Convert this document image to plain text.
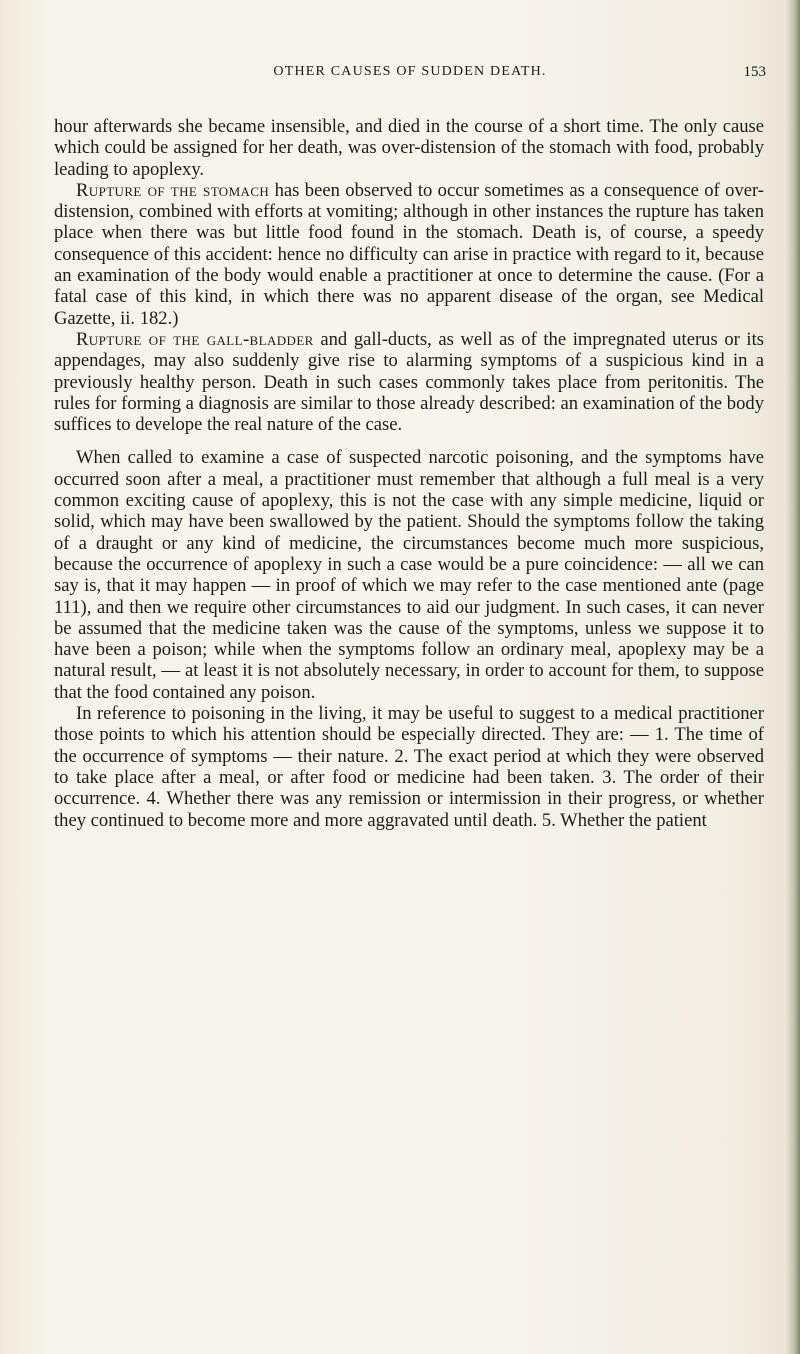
OTHER CAUSES OF SUDDEN DEATH.	153

hour afterwards she became insensible, and died in the course of a short time. The only cause which could be assigned for her death, was over-distension of the stomach with food, probably leading to apoplexy.

Rupture of the stomach has been observed to occur sometimes as a consequence of over-distension, combined with efforts at vomiting; although in other instances the rupture has taken place when there was but little food found in the stomach. Death is, of course, a speedy consequence of this accident: hence no difficulty can arise in practice with regard to it, because an examination of the body would enable a practitioner at once to determine the cause. (For a fatal case of this kind, in which there was no apparent disease of the organ, see Medical Gazette, ii. 182.)

Rupture of the gall-bladder and gall-ducts, as well as of the impregnated uterus or its appendages, may also suddenly give rise to alarming symptoms of a suspicious kind in a previously healthy person. Death in such cases commonly takes place from peritonitis. The rules for forming a diagnosis are similar to those already described: an examination of the body suffices to develope the real nature of the case.

When called to examine a case of suspected narcotic poisoning, and the symptoms have occurred soon after a meal, a practitioner must remember that although a full meal is a very common exciting cause of apoplexy, this is not the case with any simple medicine, liquid or solid, which may have been swallowed by the patient. Should the symptoms follow the taking of a draught or any kind of medicine, the circumstances become much more suspicious, because the occurrence of apoplexy in such a case would be a pure coincidence: — all we can say is, that it may happen — in proof of which we may refer to the case mentioned ante (page 111), and then we require other circumstances to aid our judgment. In such cases, it can never be assumed that the medicine taken was the cause of the symptoms, unless we suppose it to have been a poison; while when the symptoms follow an ordinary meal, apoplexy may be a natural result, — at least it is not absolutely necessary, in order to account for them, to suppose that the food contained any poison.

In reference to poisoning in the living, it may be useful to suggest to a medical practitioner those points to which his attention should be especially directed. They are: — 1. The time of the occurrence of symptoms — their nature. 2. The exact period at which they were observed to take place after a meal, or after food or medicine had been taken. 3. The order of their occurrence. 4. Whether there was any remission or intermission in their progress, or whether they continued to become more and more aggravated until death. 5. Whether the patient
